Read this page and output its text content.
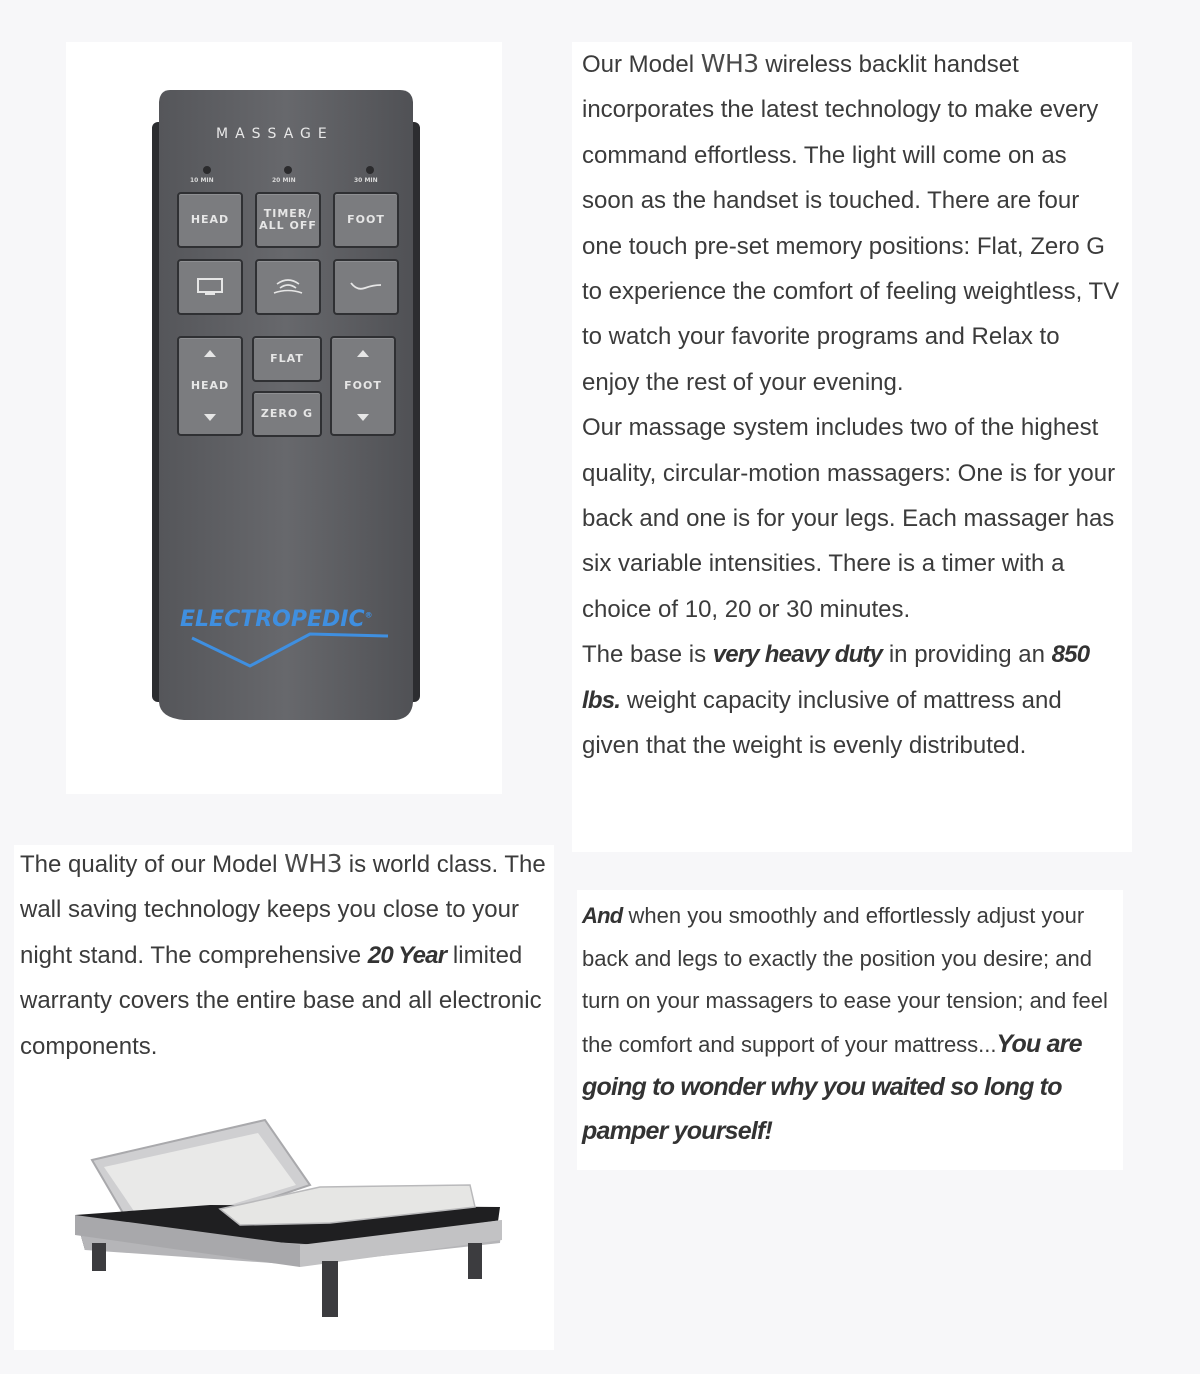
MASSAGE
10 MIN	20 MIN	30 MIN
HEAD	TIMER/
ALL OFF	FOOT
HEAD
FLAT
ZERO G
FOOT
ELECTROPEDIC®

Our Model WH3 wireless backlit handset incorporates the latest technology to make every command effortless. The light will come on as soon as the handset is touched. There are four one touch pre-set memory positions: Flat, Zero G to experience the comfort of feeling weightless, TV to watch your favorite programs and Relax to enjoy the rest of your evening.

Our massage system includes two of the highest quality, circular-motion massagers: One is for your back and one is for your legs. Each massager has six variable intensities. There is a timer with a choice of 10, 20 or 30 minutes.

The base is very heavy duty in providing an 850 lbs. weight capacity inclusive of mattress and given that the weight is evenly distributed.

The quality of our Model WH3 is world class. The wall saving technology keeps you close to your night stand. The comprehensive 20 Year limited warranty covers the entire base and all electronic components.

And when you smoothly and effortlessly adjust your back and legs to exactly the position you desire; and turn on your massagers to ease your tension; and feel the comfort and support of your mattress...You are going to wonder why you waited so long to pamper yourself!
